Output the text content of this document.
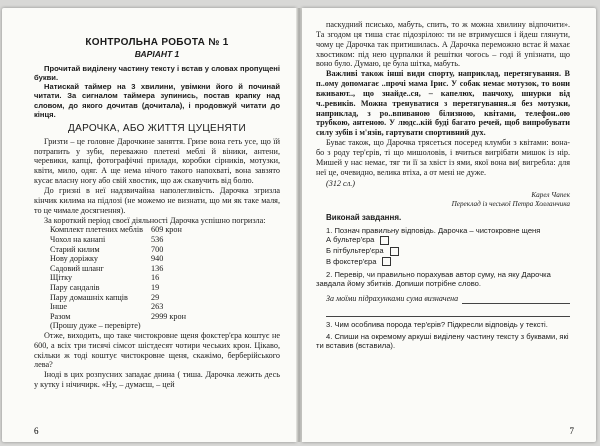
КОНТРОЛЬНА РОБОТА № 1
ВАРІАНТ 1

Прочитай виділену частину тексту і встав у словах пропущені букви.

Натискай таймер на 3 хвилини, увімкни його й починай читати. За сигналом таймера зупинись, постав крапку над словом, до якого дочитав (дочитала), і продовжуй читати до кінця.

ДАРОЧКА, АБО ЖИТТЯ ЦУЦЕНЯТИ

Гризти – це головне Дарочкине заняття. Гризе вона геть усе, що їй потрапить у зуби, переважно плетені меблі й віники, антени, черевики, капці, фотографічні прилади, коробки сірників, мотузки, квіти, мило, одяг. А ще нема нічого такого напохваті, вона завзято кусає власну ногу або свій хвостик, що аж скавучить від болю.

До гризні в неї надзвичайна наполегливість. Дарочка згризла кінчик килима на підлозі (не можемо не визнати, що ми як такe маля, то це чимале досягнення).

За короткий період своєї діяльності Дарочка успішно погризла:

Комплект плетених меблів	609 крон
Чохол на канапі	536
Старий килим	700
Нову доріжку	940
Садовий шланг	136
Щітку	16
Пару сандалів	19
Пару домашніх капців	29
Інше	263
Разом	2999 крон
(Прошу дуже – перевірте)	

Отже, виходить, що таке чистокровне щеня фокстер'єра коштує не 600, а всіх три тисячі сімсот шістдесят чотири чеських крон. Цікаво, скільки ж тоді коштує чистокровне щеня, скажімо, берберійського лева?

Іноді в цих розпусних западає днина ( тиша. Дарочка лежить десь у кутку і нічичирк. «Ну, – думаєш, – цей

6

паскудний псисько, мабуть, спить, то ж можна хвилину відпочити». Та згодом ця тиша стає підозрілою: ти не втримуєшся і йдеш глянути, чому це Дарочка так притишилась. А Дарочка переможно встає й махає хвостиком: під нею цурпалки й решітки чогось – годі й упізнати, що воно було. Думаю, це була шітка, мабуть.

Важливі також інші види спорту, наприклад, перетягування. В п..ому допомагає ..прочі мама Ірис. У собак немає мотузок, то вони вживают.., що знайде..ся, – капелюх, панчоху, шнурки від ч..ревиків. Можна тренуватися з перетягування..я без мотузки, наприклад, з ро..впиваною білизною, квітами, телефон..ою трубкою, антеною. У людс..кій буді багато речей, щоб випробувати силу зубів і м'язів, гартувати спортивний дух.

Буває також, що Дарочка трясеться посеред клумби з квітами: вона-бо з роду тер'єрів, ті що мишоловів, і вчиться вигрібати мишок із нір. Мишей у нас немає, тяг ти її за хвіст із ями, якої вона ви( вигребла: для неї це, очевидно, велика втіха, а от мені не дуже.

(312 сл.)
Карел Чапек
Переклад із чеської Петра Холланчика
Виконай завдання.
1. Познач правильну відповідь. Дарочка – чистокровне щеня
А бультер'єра
Б пітбультер'єра
В фокстер'єра
2. Перевір, чи правильно порахував автор суму, на яку Дарочка завдала йому збитків. Допиши потрібне слово.
За моїми підрахунками сума визначена
3. Чим особлива порода тер'єрів? Підкресли відповідь у тексті.
4. Спиши на окремому аркуші виділену частину тексту з буквами, які ти вставив (вставила).
7
